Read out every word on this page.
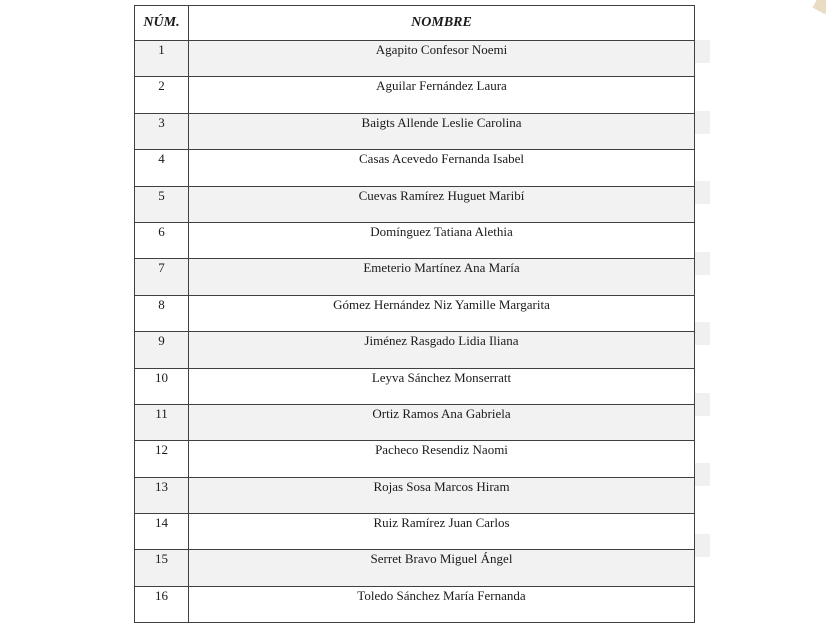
NÚM.	NOMBRE
1	Agapito Confesor Noemi
2	Aguilar Fernández Laura
3	Baigts Allende Leslie Carolina
4	Casas Acevedo Fernanda Isabel
5	Cuevas Ramírez Huguet Maribí
6	Domínguez Tatiana Alethia
7	Emeterio Martínez Ana María
8	Gómez Hernández Niz Yamille Margarita
9	Jiménez Rasgado Lidia Iliana
10	Leyva Sánchez Monserratt
11	Ortiz Ramos Ana Gabriela
12	Pacheco Resendiz Naomi
13	Rojas Sosa Marcos Hiram
14	Ruiz Ramírez Juan Carlos
15	Serret Bravo Miguel Ángel
16	Toledo Sánchez María Fernanda
